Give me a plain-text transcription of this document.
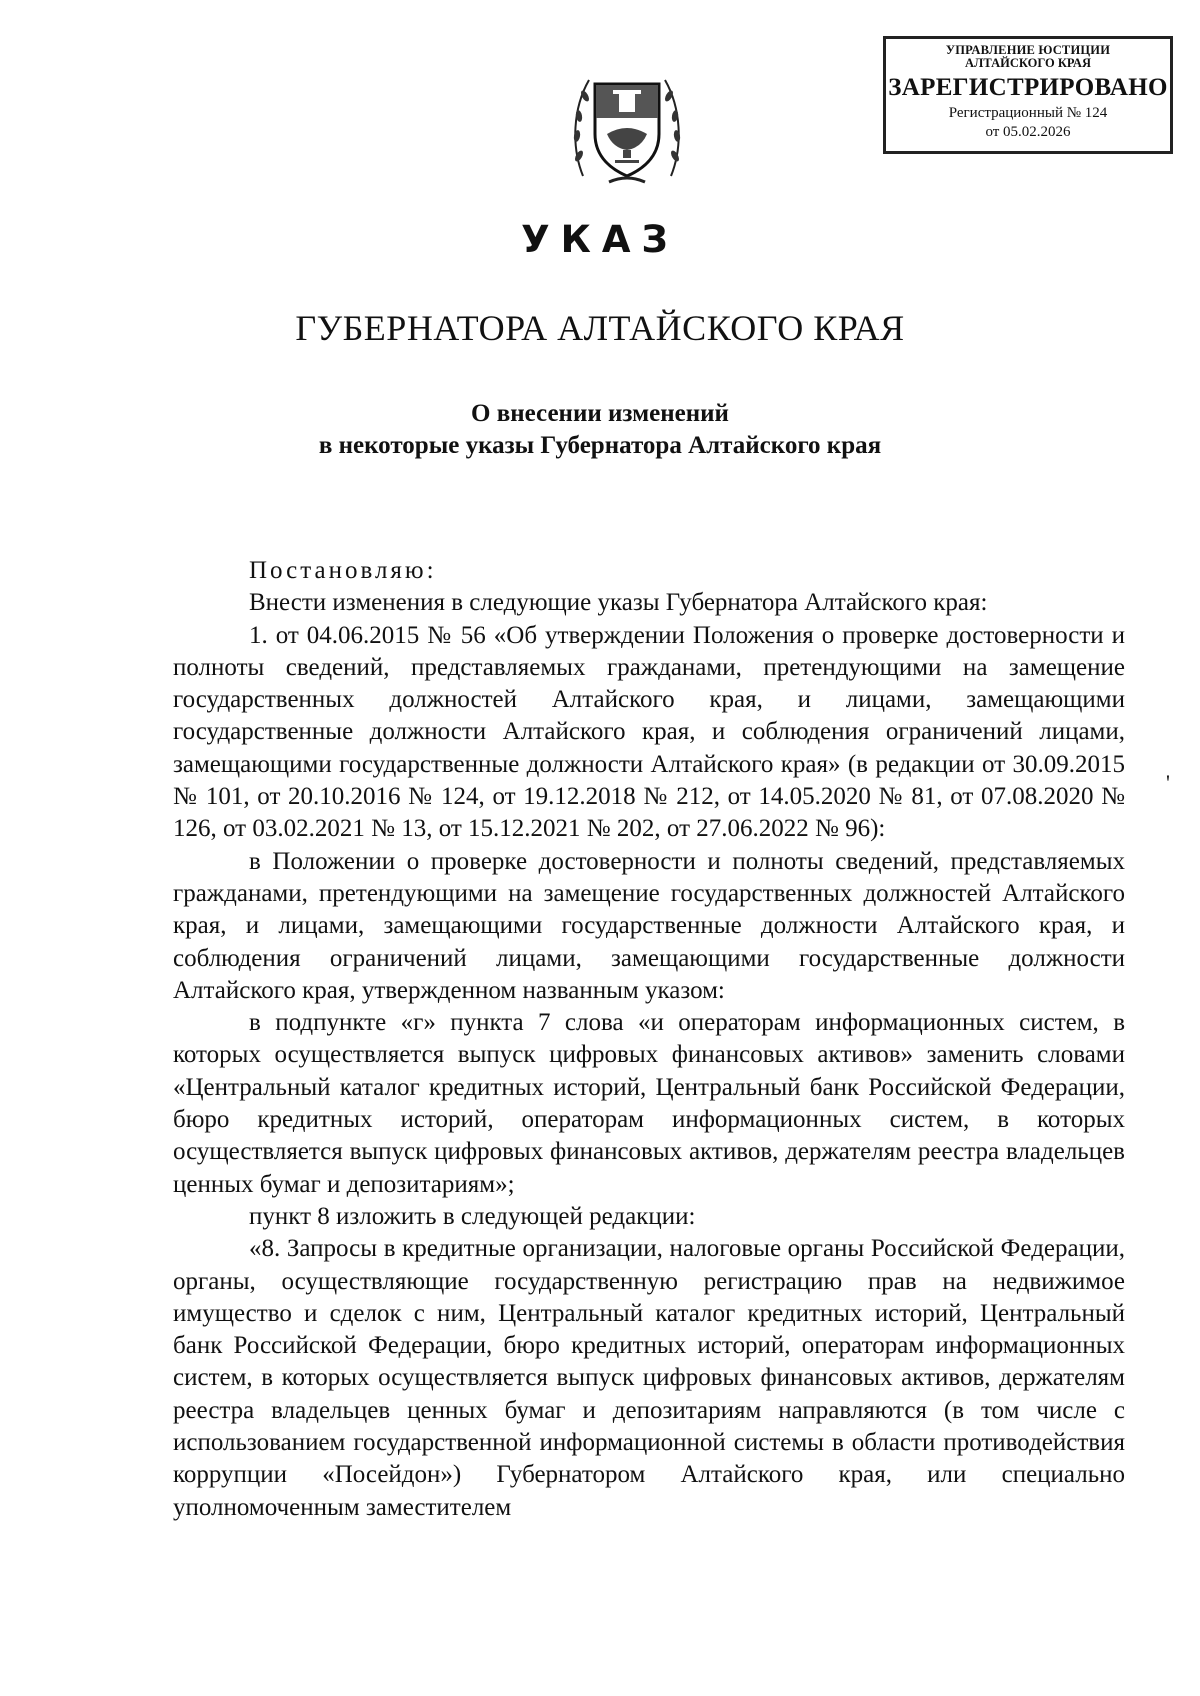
УПРАВЛЕНИЕ ЮСТИЦИИ
АЛТАЙСКОГО КРАЯ
ЗАРЕГИСТРИРОВАНО
Регистрационный № 124
от 05.02.2026
УКАЗ
ГУБЕРНАТОРА АЛТАЙСКОГО КРАЯ
О внесении изменений
в некоторые указы Губернатора Алтайского края

Постановляю:

Внести изменения в следующие указы Губернатора Алтайского края:

1. от 04.06.2015 № 56 «Об утверждении Положения о проверке достоверности и полноты сведений, представляемых гражданами, претендующими на замещение государственных должностей Алтайского края, и лицами, замещающими государственные должности Алтайского края, и соблюдения ограничений лицами, замещающими государственные должности Алтайского края» (в редакции от 30.09.2015 № 101, от 20.10.2016 № 124, от 19.12.2018 № 212, от 14.05.2020 № 81, от 07.08.2020 № 126, от 03.02.2021 № 13, от 15.12.2021 № 202, от 27.06.2022 № 96):

в Положении о проверке достоверности и полноты сведений, представляемых гражданами, претендующими на замещение государственных должностей Алтайского края, и лицами, замещающими государственные должности Алтайского края, и соблюдения ограничений лицами, замещающими государственные должности Алтайского края, утвержденном названным указом:

в подпункте «г» пункта 7 слова «и операторам информационных систем, в которых осуществляется выпуск цифровых финансовых активов» заменить словами «Центральный каталог кредитных историй, Центральный банк Российской Федерации, бюро кредитных историй, операторам информационных систем, в которых осуществляется выпуск цифровых финансовых активов, держателям реестра владельцев ценных бумаг и депозитариям»;

пункт 8 изложить в следующей редакции:

«8. Запросы в кредитные организации, налоговые органы Российской Федерации, органы, осуществляющие государственную регистрацию прав на недвижимое имущество и сделок с ним, Центральный каталог кредитных историй, Центральный банк Российской Федерации, бюро кредитных историй, операторам информационных систем, в которых осуществляется выпуск цифровых финансовых активов, держателям реестра владельцев ценных бумаг и депозитариям направляются (в том числе с использованием государственной информационной системы в области противодействия коррупции «Посейдон») Губернатором Алтайского края, или специально уполномоченным заместителем

'
